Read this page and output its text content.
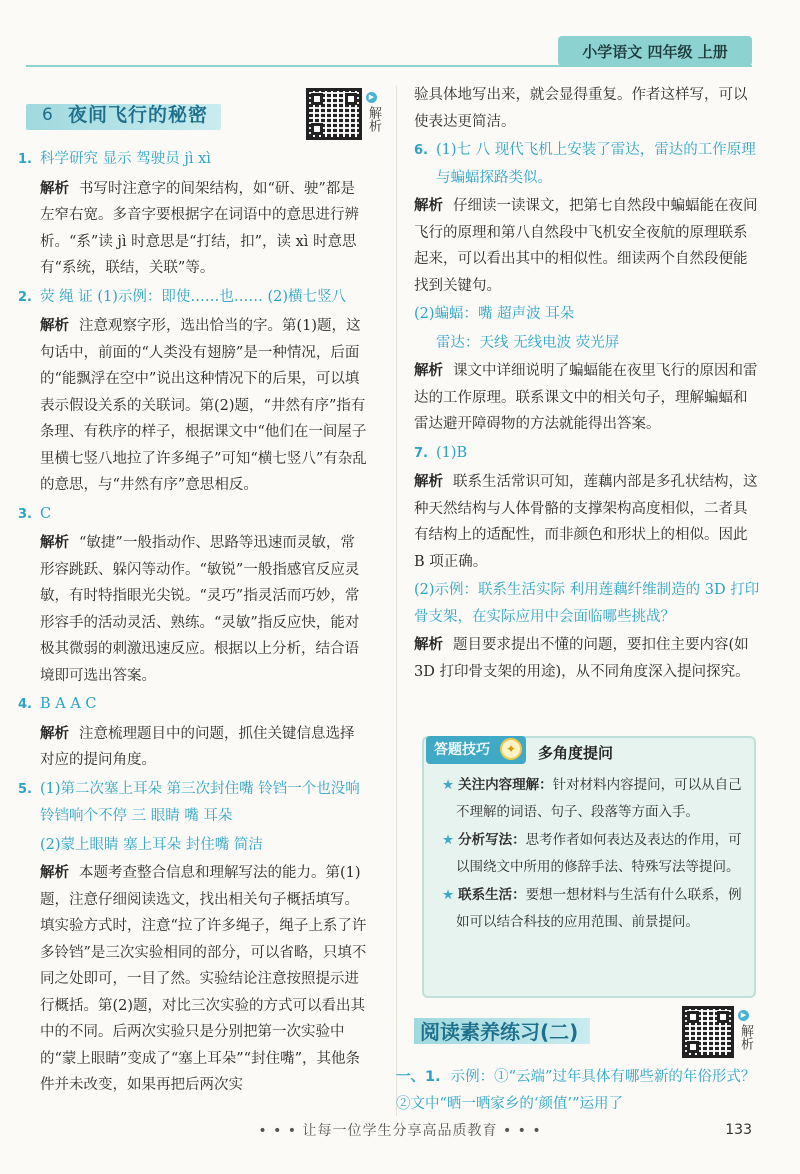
小学语文 四年级 上册
▶
解析
6 夜间飞行的秘密
1. 科学研究 显示 驾驶员 jì xì
解析 书写时注意字的间架结构，如“研、驶”都是左窄右宽。多音字要根据字在词语中的意思进行辨析。“系”读 jì 时意思是“打结，扣”，读 xì 时意思有“系统，联结，关联”等。
2. 荧 绳 证 (1)示例：即使……也…… (2)横七竖八
解析 注意观察字形，选出恰当的字。第(1)题，这句话中，前面的“人类没有翅膀”是一种情况，后面的“能飘浮在空中”说出这种情况下的后果，可以填表示假设关系的关联词。第(2)题，“井然有序”指有条理、有秩序的样子，根据课文中“他们在一间屋子里横七竖八地拉了许多绳子”可知“横七竖八”有杂乱的意思，与“井然有序”意思相反。
3. C
解析 “敏捷”一般指动作、思路等迅速而灵敏，常形容跳跃、躲闪等动作。“敏锐”一般指感官反应灵敏，有时特指眼光尖锐。“灵巧”指灵活而巧妙，常形容手的活动灵活、熟练。“灵敏”指反应快，能对极其微弱的刺激迅速反应。根据以上分析，结合语境即可选出答案。
4. B A A C
解析 注意梳理题目中的问题，抓住关键信息选择对应的提问角度。
5. (1)第二次塞上耳朵 第三次封住嘴 铃铛一个也没响 铃铛响个不停 三 眼睛 嘴 耳朵
(2)蒙上眼睛 塞上耳朵 封住嘴 简洁
解析 本题考查整合信息和理解写法的能力。第(1)题，注意仔细阅读选文，找出相关句子概括填写。填实验方式时，注意“拉了许多绳子，绳子上系了许多铃铛”是三次实验相同的部分，可以省略，只填不同之处即可，一目了然。实验结论注意按照提示进行概括。第(2)题，对比三次实验的方式可以看出其中的不同。后两次实验只是分别把第一次实验中的“蒙上眼睛”变成了“塞上耳朵”“封住嘴”，其他条件并未改变，如果再把后两次实
验具体地写出来，就会显得重复。作者这样写，可以使表达更简洁。
6. (1)七 八 现代飞机上安装了雷达，雷达的工作原理与蝙蝠探路类似。
解析 仔细读一读课文，把第七自然段中蝙蝠能在夜间飞行的原理和第八自然段中飞机安全夜航的原理联系起来，可以看出其中的相似性。细读两个自然段便能找到关键句。
(2)蝙蝠：嘴 超声波 耳朵
雷达：天线 无线电波 荧光屏
解析 课文中详细说明了蝙蝠能在夜里飞行的原因和雷达的工作原理。联系课文中的相关句子，理解蝙蝠和雷达避开障碍物的方法就能得出答案。
7. (1)B
解析 联系生活常识可知，莲藕内部是多孔状结构，这种天然结构与人体骨骼的支撑架构高度相似，二者具有结构上的适配性，而非颜色和形状上的相似。因此 B 项正确。
(2)示例：联系生活实际 利用莲藕纤维制造的 3D 打印骨支架，在实际应用中会面临哪些挑战？
解析 题目要求提出不懂的问题，要扣住主要内容(如 3D 打印骨支架的用途)，从不同角度深入提问探究。
答题技巧	✦	多角度提问
★ 关注内容理解：针对材料内容提问，可以从自己不理解的词语、句子、段落等方面入手。
★ 分析写法：思考作者如何表达及表达的作用，可以围绕文中所用的修辞手法、特殊写法等提问。
★ 联系生活：要想一想材料与生活有什么联系，例如可以结合科技的应用范围、前景提问。
阅读素养练习(二)
▶
解析
一、1. 示例：①“云端”过年具体有哪些新的年俗形式？ ②文中“晒一晒家乡的‘颜值’”运用了
• • • 让每一位学生分享高品质教育 • • •	133
